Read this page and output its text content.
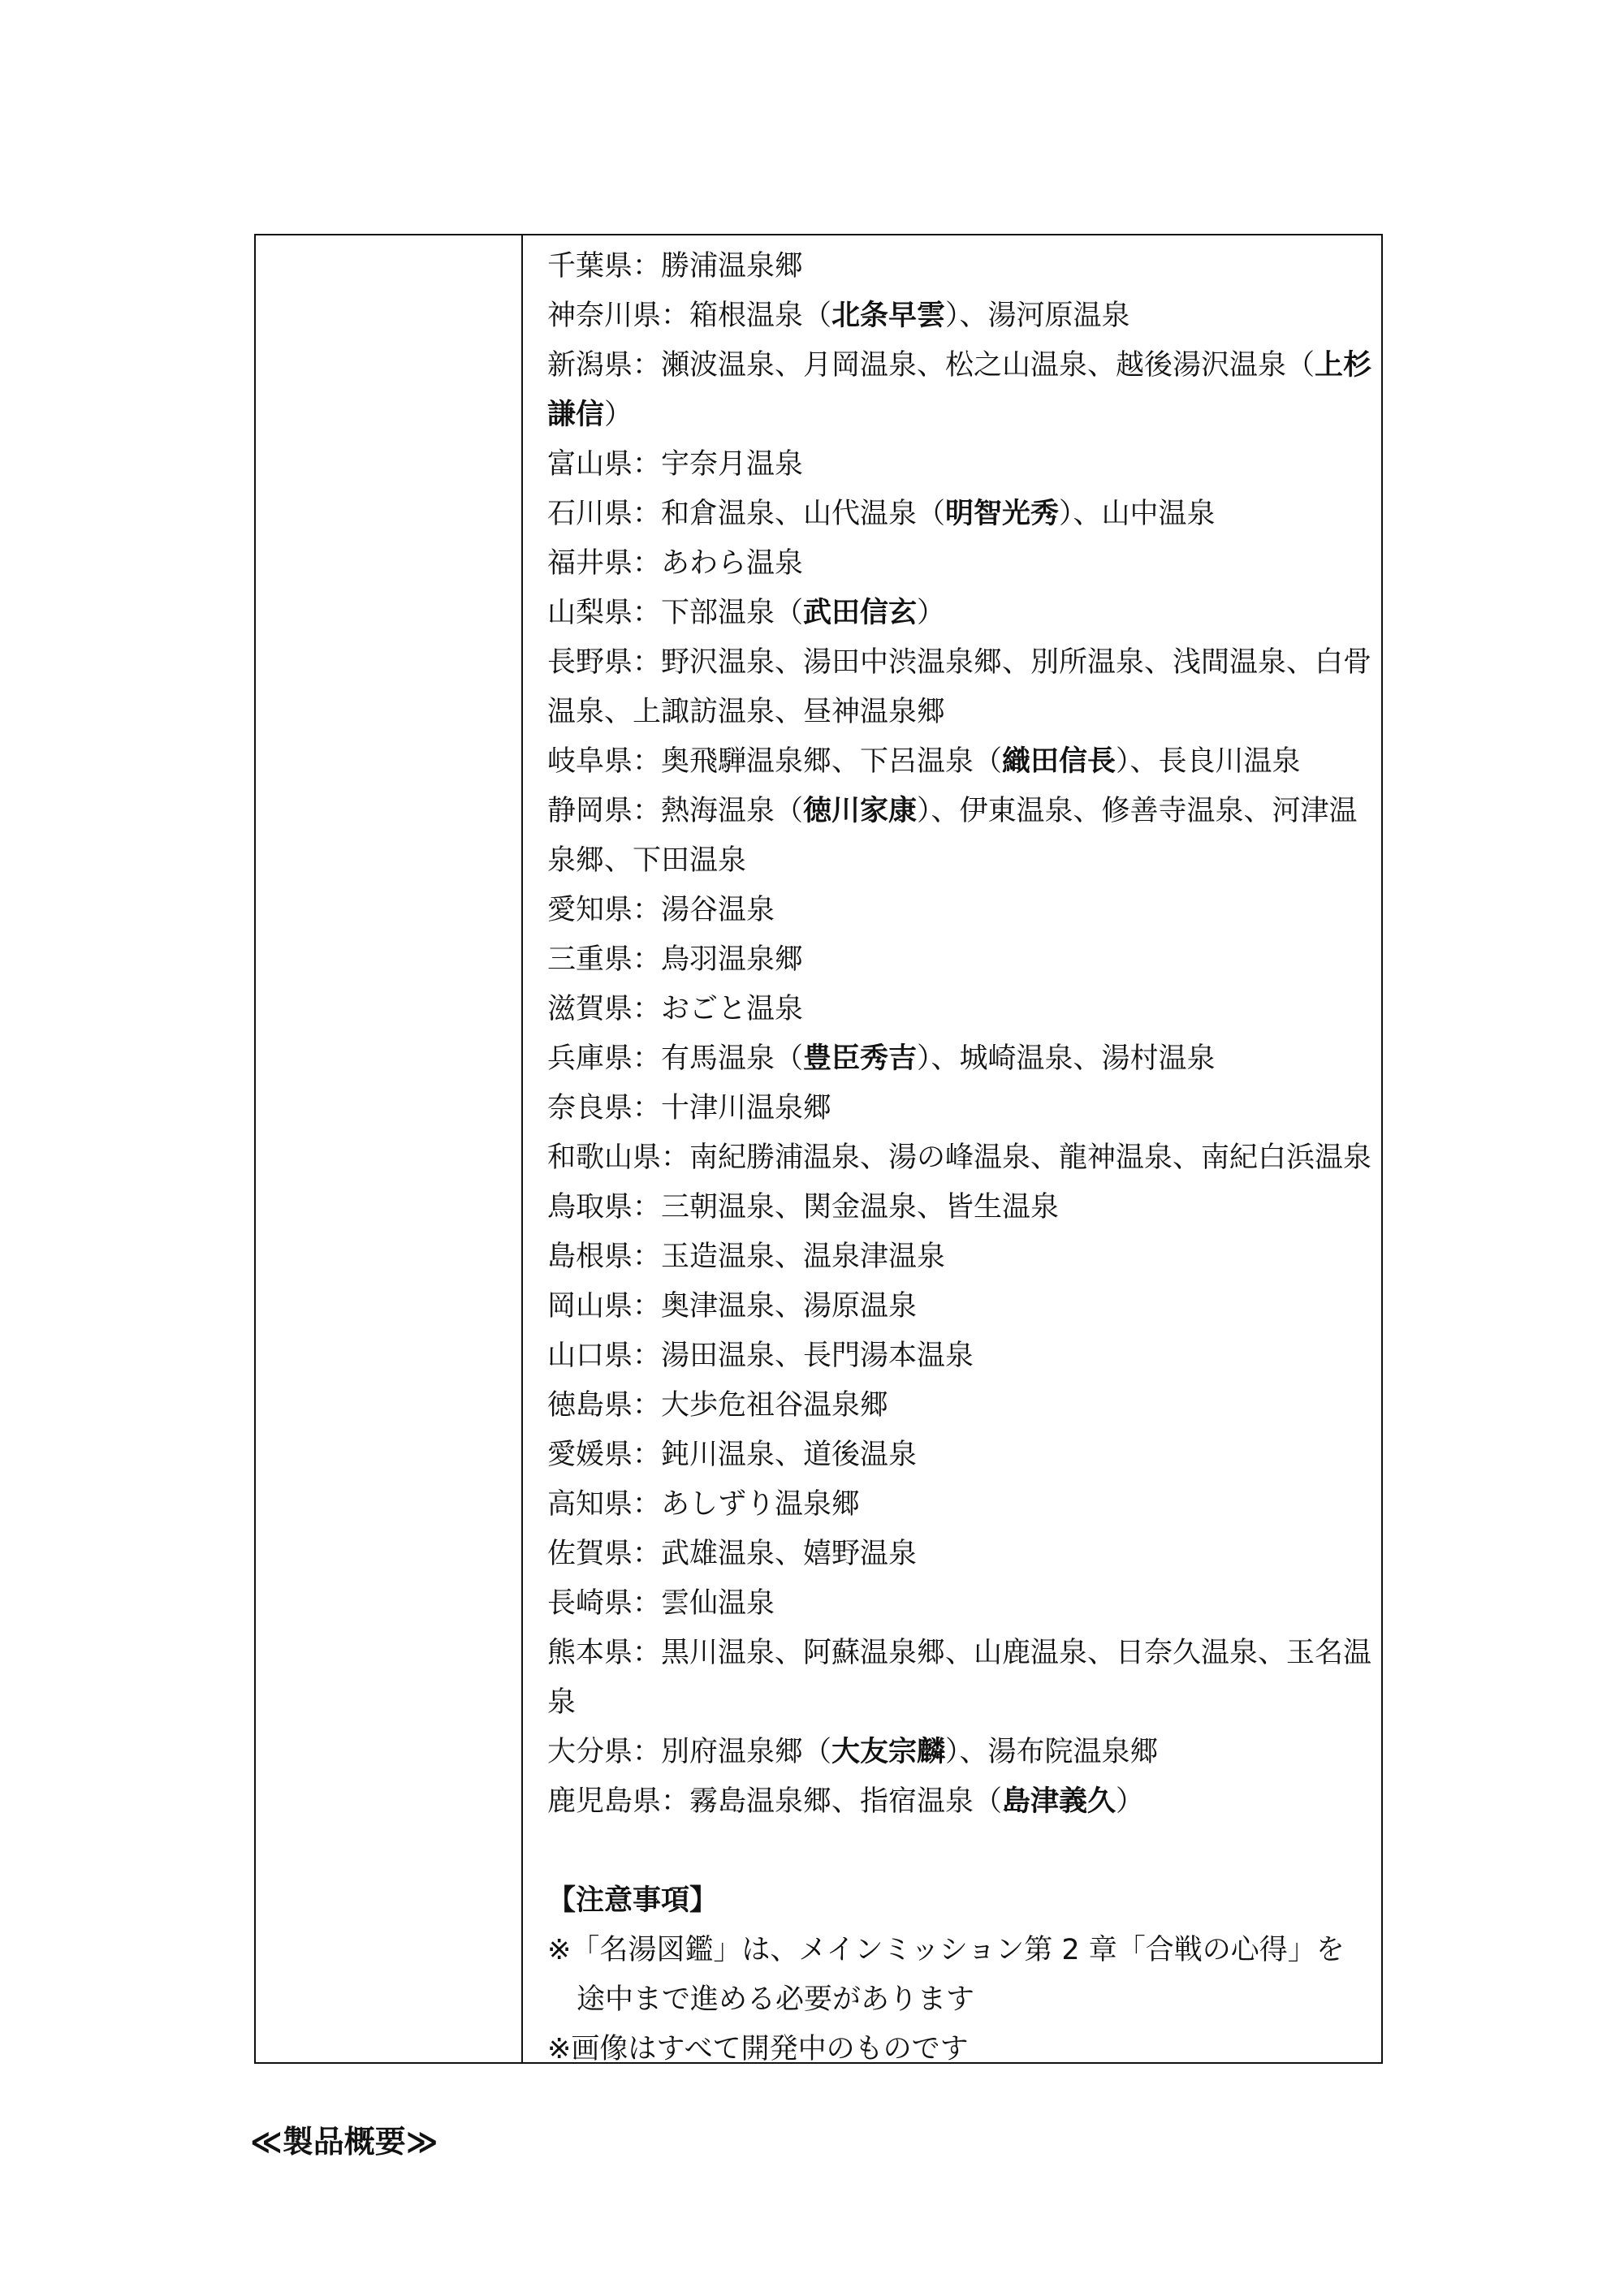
千葉県：勝浦温泉郷
神奈川県：箱根温泉（北条早雲）、湯河原温泉
新潟県：瀬波温泉、月岡温泉、松之山温泉、越後湯沢温泉（上杉
謙信）
富山県：宇奈月温泉
石川県：和倉温泉、山代温泉（明智光秀）、山中温泉
福井県：あわら温泉
山梨県：下部温泉（武田信玄）
長野県：野沢温泉、湯田中渋温泉郷、別所温泉、浅間温泉、白骨
温泉、上諏訪温泉、昼神温泉郷
岐阜県：奥飛騨温泉郷、下呂温泉（織田信長）、長良川温泉
静岡県：熱海温泉（徳川家康）、伊東温泉、修善寺温泉、河津温
泉郷、下田温泉
愛知県：湯谷温泉
三重県：鳥羽温泉郷
滋賀県：おごと温泉
兵庫県：有馬温泉（豊臣秀吉）、城崎温泉、湯村温泉
奈良県：十津川温泉郷
和歌山県：南紀勝浦温泉、湯の峰温泉、龍神温泉、南紀白浜温泉
鳥取県：三朝温泉、関金温泉、皆生温泉
島根県：玉造温泉、温泉津温泉
岡山県：奥津温泉、湯原温泉
山口県：湯田温泉、長門湯本温泉
徳島県：大歩危祖谷温泉郷
愛媛県：鈍川温泉、道後温泉
高知県：あしずり温泉郷
佐賀県：武雄温泉、嬉野温泉
長崎県：雲仙温泉
熊本県：黒川温泉、阿蘇温泉郷、山鹿温泉、日奈久温泉、玉名温
泉
大分県：別府温泉郷（大友宗麟）、湯布院温泉郷
鹿児島県：霧島温泉郷、指宿温泉（島津義久）
【注意事項】
※「名湯図鑑」は、メインミッション第 2 章「合戦の心得」を
途中まで進める必要があります
※画像はすべて開発中のものです
≪製品概要≫
